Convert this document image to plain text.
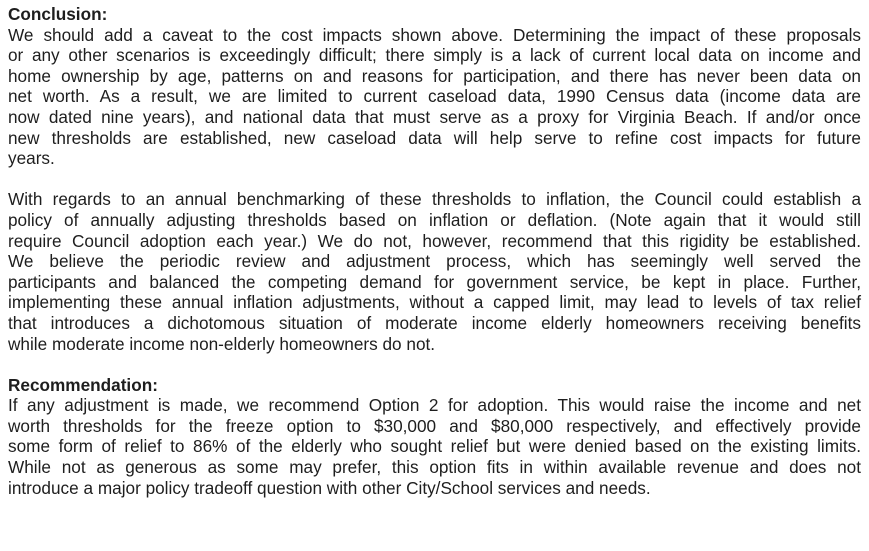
Conclusion:
We should add a caveat to the cost impacts shown above. Determining the impact of these proposals
or any other scenarios is exceedingly difficult; there simply is a lack of current local data on income and
home ownership by age, patterns on and reasons for participation, and there has never been data on
net worth. As a result, we are limited to current caseload data, 1990 Census data (income data are
now dated nine years), and national data that must serve as a proxy for Virginia Beach. If and/or once
new thresholds are established, new caseload data will help serve to refine cost impacts for future
years.
With regards to an annual benchmarking of these thresholds to inflation, the Council could establish a
policy of annually adjusting thresholds based on inflation or deflation. (Note again that it would still
require Council adoption each year.) We do not, however, recommend that this rigidity be established.
We believe the periodic review and adjustment process, which has seemingly well served the
participants and balanced the competing demand for government service, be kept in place. Further,
implementing these annual inflation adjustments, without a capped limit, may lead to levels of tax relief
that introduces a dichotomous situation of moderate income elderly homeowners receiving benefits
while moderate income non-elderly homeowners do not.
Recommendation:
If any adjustment is made, we recommend Option 2 for adoption. This would raise the income and net
worth thresholds for the freeze option to $30,000 and $80,000 respectively, and effectively provide
some form of relief to 86% of the elderly who sought relief but were denied based on the existing limits.
While not as generous as some may prefer, this option fits in within available revenue and does not
introduce a major policy tradeoff question with other City/School services and needs.
